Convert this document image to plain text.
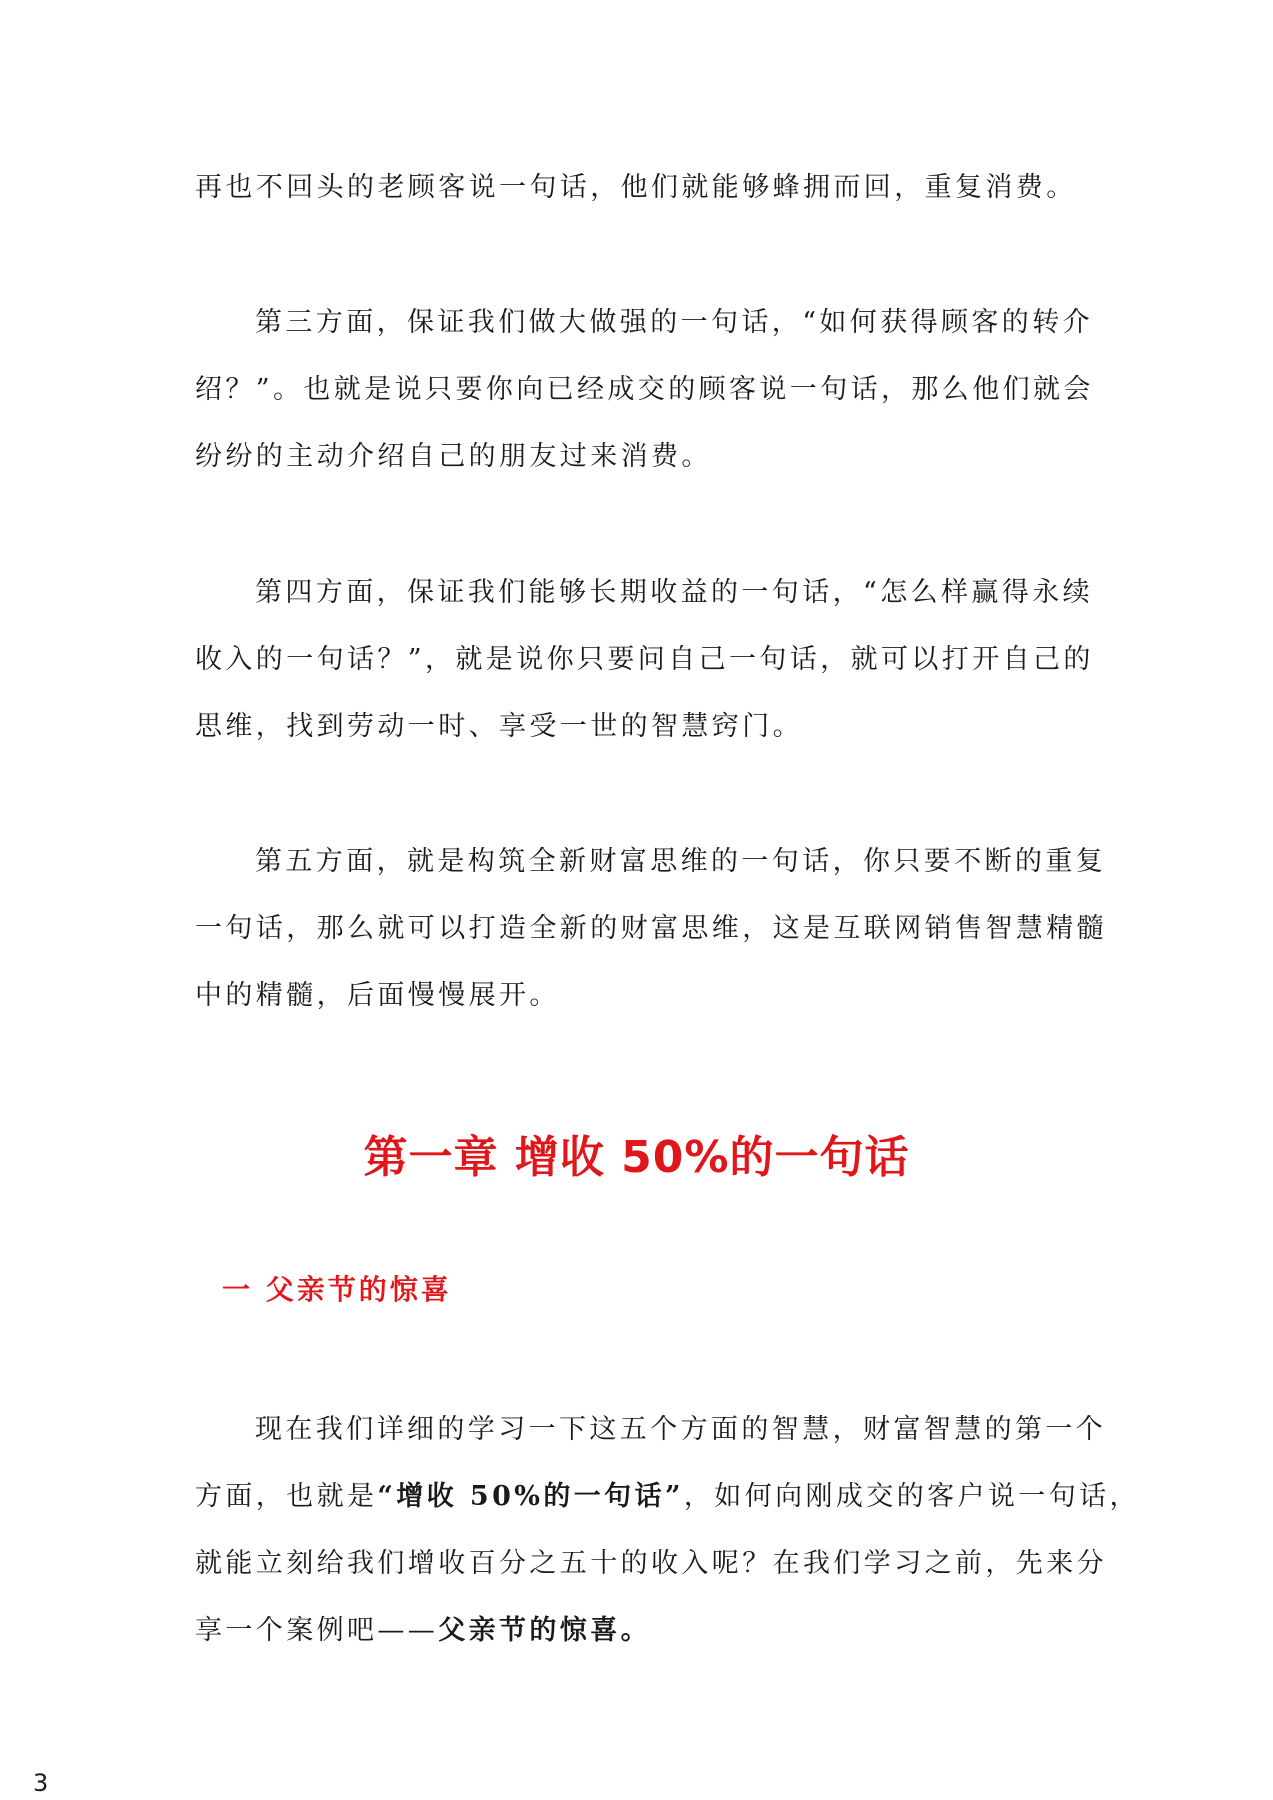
再也不回头的老顾客说一句话，他们就能够蜂拥而回，重复消费。
第三方面，保证我们做大做强的一句话，“如何获得顾客的转介
绍？”。也就是说只要你向已经成交的顾客说一句话，那么他们就会
纷纷的主动介绍自己的朋友过来消费。
第四方面，保证我们能够长期收益的一句话，“怎么样赢得永续
收入的一句话？”，就是说你只要问自己一句话，就可以打开自己的
思维，找到劳动一时、享受一世的智慧窍门。
第五方面，就是构筑全新财富思维的一句话，你只要不断的重复
一句话，那么就可以打造全新的财富思维，这是互联网销售智慧精髓
中的精髓，后面慢慢展开。
第一章 增收 50%的一句话
一 父亲节的惊喜
现在我们详细的学习一下这五个方面的智慧，财富智慧的第一个
方面，也就是“增收 50%的一句话”，如何向刚成交的客户说一句话，
就能立刻给我们增收百分之五十的收入呢？在我们学习之前，先来分
享一个案例吧——父亲节的惊喜。
3
